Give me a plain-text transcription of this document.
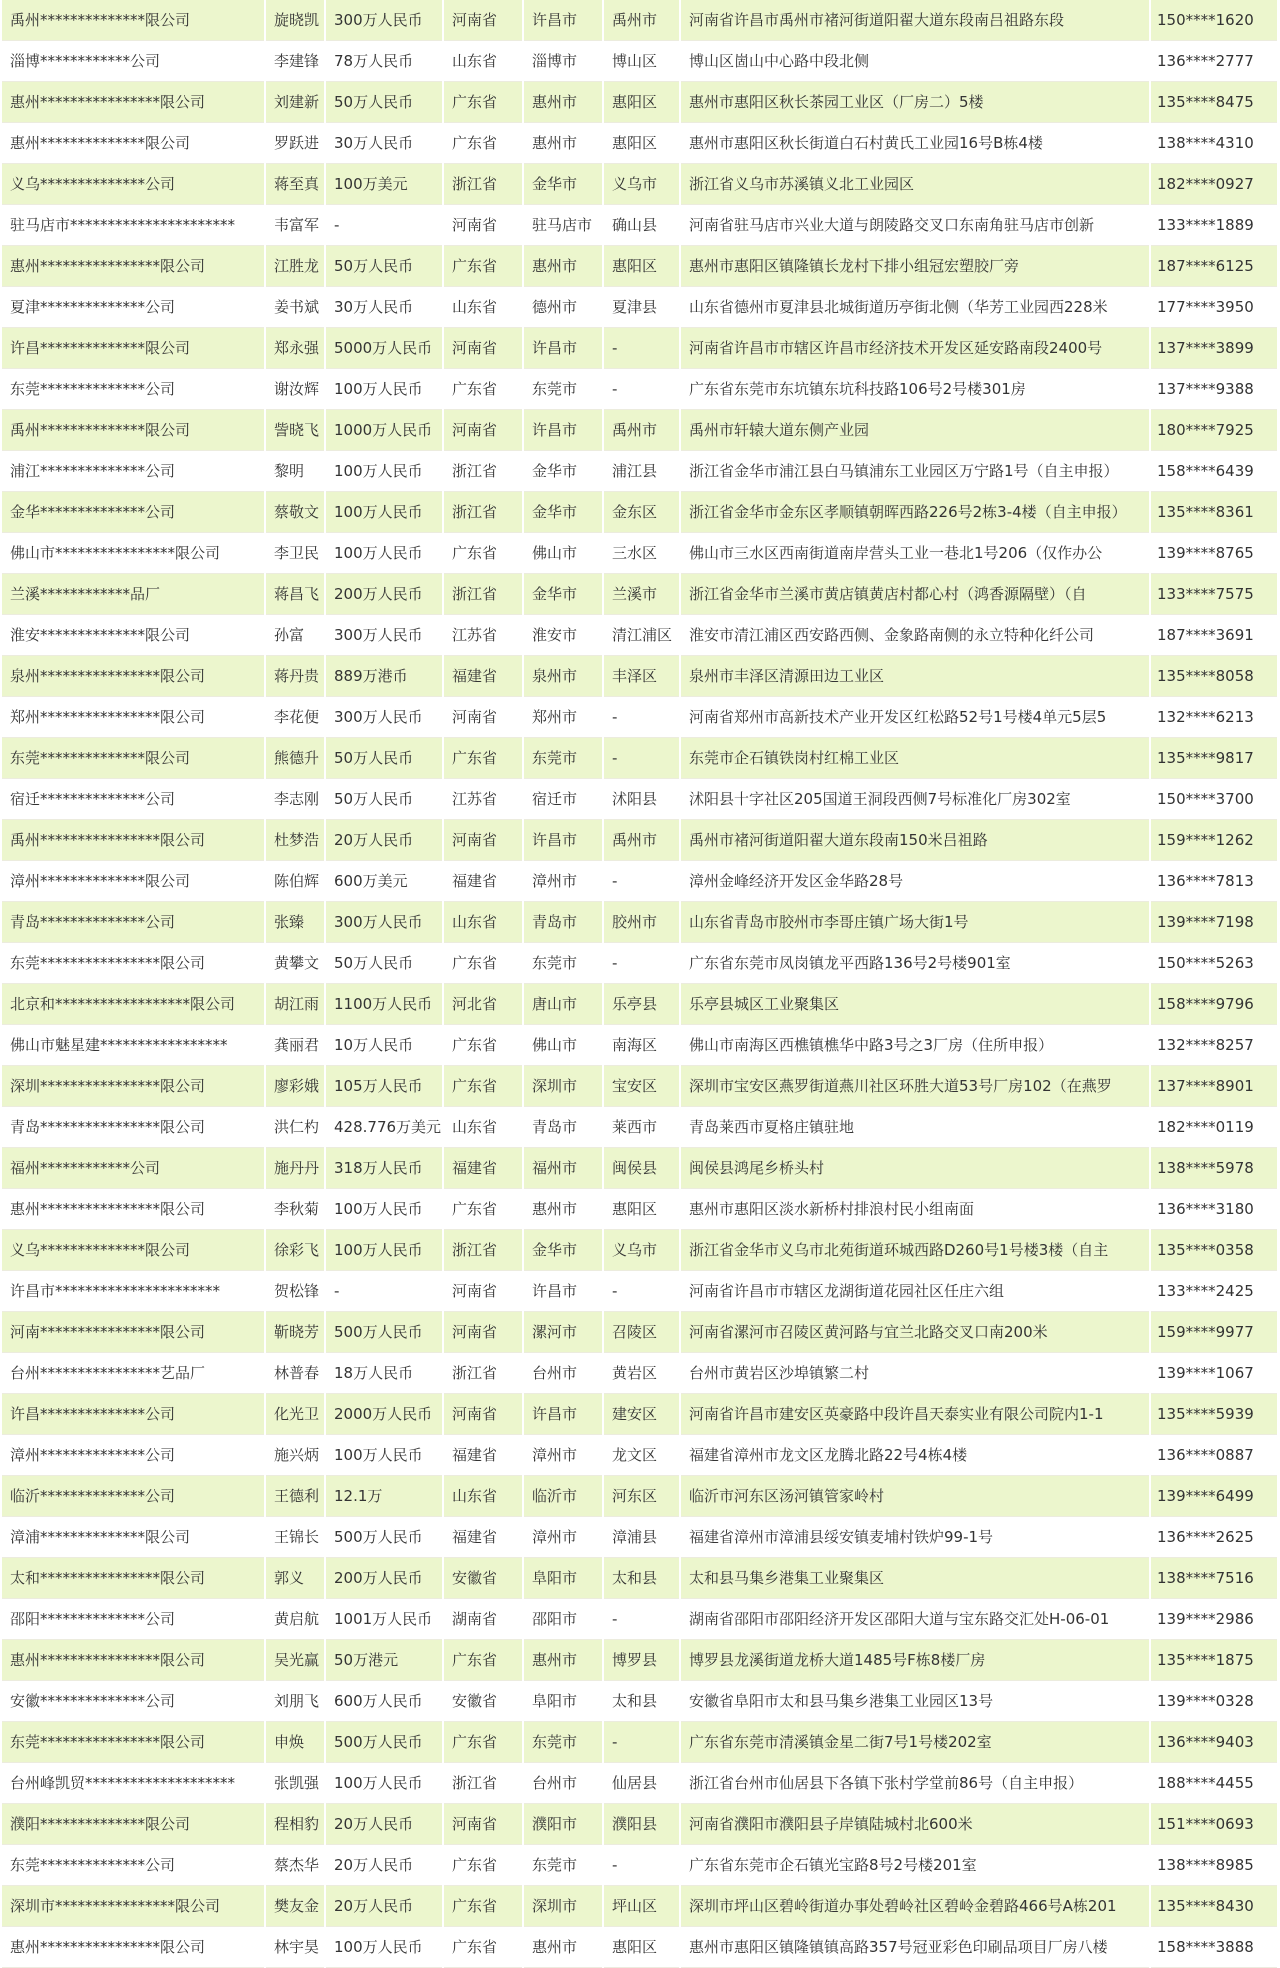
禹州**************限公司	旋晓凯	300万人民币	河南省	许昌市	禹州市	河南省许昌市禹州市褚河街道阳翟大道东段南吕祖路东段	150****1620
淄博************公司	李建锋	78万人民币	山东省	淄博市	博山区	博山区崮山中心路中段北侧	136****2777
惠州****************限公司	刘建新	50万人民币	广东省	惠州市	惠阳区	惠州市惠阳区秋长茶园工业区（厂房二）5楼	135****8475
惠州**************限公司	罗跃进	30万人民币	广东省	惠州市	惠阳区	惠州市惠阳区秋长街道白石村黄氏工业园16号B栋4楼	138****4310
义乌**************公司	蒋至真	100万美元	浙江省	金华市	义乌市	浙江省义乌市苏溪镇义北工业园区	182****0927
驻马店市**********************	韦富军	-	河南省	驻马店市	确山县	河南省驻马店市兴业大道与朗陵路交叉口东南角驻马店市创新	133****1889
惠州****************限公司	江胜龙	50万人民币	广东省	惠州市	惠阳区	惠州市惠阳区镇隆镇长龙村下排小组冠宏塑胶厂旁	187****6125
夏津**************公司	姜书斌	30万人民币	山东省	德州市	夏津县	山东省德州市夏津县北城街道历亭街北侧（华芳工业园西228米	177****3950
许昌**************限公司	郑永强	5000万人民币	河南省	许昌市	-	河南省许昌市市辖区许昌市经济技术开发区延安路南段2400号	137****3899
东莞**************公司	谢汝辉	100万人民币	广东省	东莞市	-	广东省东莞市东坑镇东坑科技路106号2号楼301房	137****9388
禹州**************限公司	訾晓飞	1000万人民币	河南省	许昌市	禹州市	禹州市轩辕大道东侧产业园	180****7925
浦江**************公司	黎明	100万人民币	浙江省	金华市	浦江县	浙江省金华市浦江县白马镇浦东工业园区万宁路1号（自主申报）	158****6439
金华**************公司	蔡敬文	100万人民币	浙江省	金华市	金东区	浙江省金华市金东区孝顺镇朝晖西路226号2栋3-4楼（自主申报）	135****8361
佛山市****************限公司	李卫民	100万人民币	广东省	佛山市	三水区	佛山市三水区西南街道南岸营头工业一巷北1号206（仅作办公	139****8765
兰溪************品厂	蒋昌飞	200万人民币	浙江省	金华市	兰溪市	浙江省金华市兰溪市黄店镇黄店村都心村（鸿香源隔壁）（自	133****7575
淮安**************限公司	孙富	300万人民币	江苏省	淮安市	清江浦区	淮安市清江浦区西安路西侧、金象路南侧的永立特种化纤公司	187****3691
泉州****************限公司	蒋丹贵	889万港币	福建省	泉州市	丰泽区	泉州市丰泽区清源田边工业区	135****8058
郑州****************限公司	李花便	300万人民币	河南省	郑州市	-	河南省郑州市高新技术产业开发区红松路52号1号楼4单元5层5	132****6213
东莞**************限公司	熊德升	50万人民币	广东省	东莞市	-	东莞市企石镇铁岗村红棉工业区	135****9817
宿迁**************公司	李志刚	50万人民币	江苏省	宿迁市	沭阳县	沭阳县十字社区205国道王洞段西侧7号标准化厂房302室	150****3700
禹州****************限公司	杜梦浩	20万人民币	河南省	许昌市	禹州市	禹州市褚河街道阳翟大道东段南150米吕祖路	159****1262
漳州**************限公司	陈伯辉	600万美元	福建省	漳州市	-	漳州金峰经济开发区金华路28号	136****7813
青岛**************公司	张臻	300万人民币	山东省	青岛市	胶州市	山东省青岛市胶州市李哥庄镇广场大街1号	139****7198
东莞****************限公司	黄攀文	50万人民币	广东省	东莞市	-	广东省东莞市凤岗镇龙平西路136号2号楼901室	150****5263
北京和******************限公司	胡江雨	1100万人民币	河北省	唐山市	乐亭县	乐亭县城区工业聚集区	158****9796
佛山市魅星建*****************	龚丽君	10万人民币	广东省	佛山市	南海区	佛山市南海区西樵镇樵华中路3号之3厂房（住所申报）	132****8257
深圳****************限公司	廖彩娥	105万人民币	广东省	深圳市	宝安区	深圳市宝安区燕罗街道燕川社区环胜大道53号厂房102（在燕罗	137****8901
青岛****************限公司	洪仁杓	428.776万美元	山东省	青岛市	莱西市	青岛莱西市夏格庄镇驻地	182****0119
福州************公司	施丹丹	318万人民币	福建省	福州市	闽侯县	闽侯县鸿尾乡桥头村	138****5978
惠州****************限公司	李秋菊	100万人民币	广东省	惠州市	惠阳区	惠州市惠阳区淡水新桥村排浪村民小组南面	136****3180
义乌**************限公司	徐彩飞	100万人民币	浙江省	金华市	义乌市	浙江省金华市义乌市北苑街道环城西路D260号1号楼3楼（自主	135****0358
许昌市**********************	贺松锋	-	河南省	许昌市	-	河南省许昌市市辖区龙湖街道花园社区任庄六组	133****2425
河南****************限公司	靳晓芳	500万人民币	河南省	漯河市	召陵区	河南省漯河市召陵区黄河路与宜兰北路交叉口南200米	159****9977
台州****************艺品厂	林普春	18万人民币	浙江省	台州市	黄岩区	台州市黄岩区沙埠镇繁二村	139****1067
许昌**************公司	化光卫	2000万人民币	河南省	许昌市	建安区	河南省许昌市建安区英豪路中段许昌天泰实业有限公司院内1-1	135****5939
漳州**************公司	施兴炳	100万人民币	福建省	漳州市	龙文区	福建省漳州市龙文区龙腾北路22号4栋4楼	136****0887
临沂**************公司	王德利	12.1万	山东省	临沂市	河东区	临沂市河东区汤河镇管家岭村	139****6499
漳浦**************限公司	王锦长	500万人民币	福建省	漳州市	漳浦县	福建省漳州市漳浦县绥安镇麦埔村铁炉99-1号	136****2625
太和****************限公司	郭义	200万人民币	安徽省	阜阳市	太和县	太和县马集乡港集工业聚集区	138****7516
邵阳**************公司	黄启航	1001万人民币	湖南省	邵阳市	-	湖南省邵阳市邵阳经济开发区邵阳大道与宝东路交汇处H-06-01	139****2986
惠州****************限公司	吴光赢	50万港元	广东省	惠州市	博罗县	博罗县龙溪街道龙桥大道1485号F栋8楼厂房	135****1875
安徽**************公司	刘朋飞	600万人民币	安徽省	阜阳市	太和县	安徽省阜阳市太和县马集乡港集工业园区13号	139****0328
东莞****************限公司	申焕	500万人民币	广东省	东莞市	-	广东省东莞市清溪镇金星二街7号1号楼202室	136****9403
台州峰凯贸********************	张凯强	100万人民币	浙江省	台州市	仙居县	浙江省台州市仙居县下各镇下张村学堂前86号（自主申报）	188****4455
濮阳**************限公司	程相豹	20万人民币	河南省	濮阳市	濮阳县	河南省濮阳市濮阳县子岸镇陆城村北600米	151****0693
东莞**************公司	蔡杰华	20万人民币	广东省	东莞市	-	广东省东莞市企石镇光宝路8号2号楼201室	138****8985
深圳市****************限公司	樊友金	20万人民币	广东省	深圳市	坪山区	深圳市坪山区碧岭街道办事处碧岭社区碧岭金碧路466号A栋201	135****8430
惠州****************限公司	林宇昊	100万人民币	广东省	惠州市	惠阳区	惠州市惠阳区镇隆镇镇高路357号冠亚彩色印刷品项目厂房八楼	158****3888
